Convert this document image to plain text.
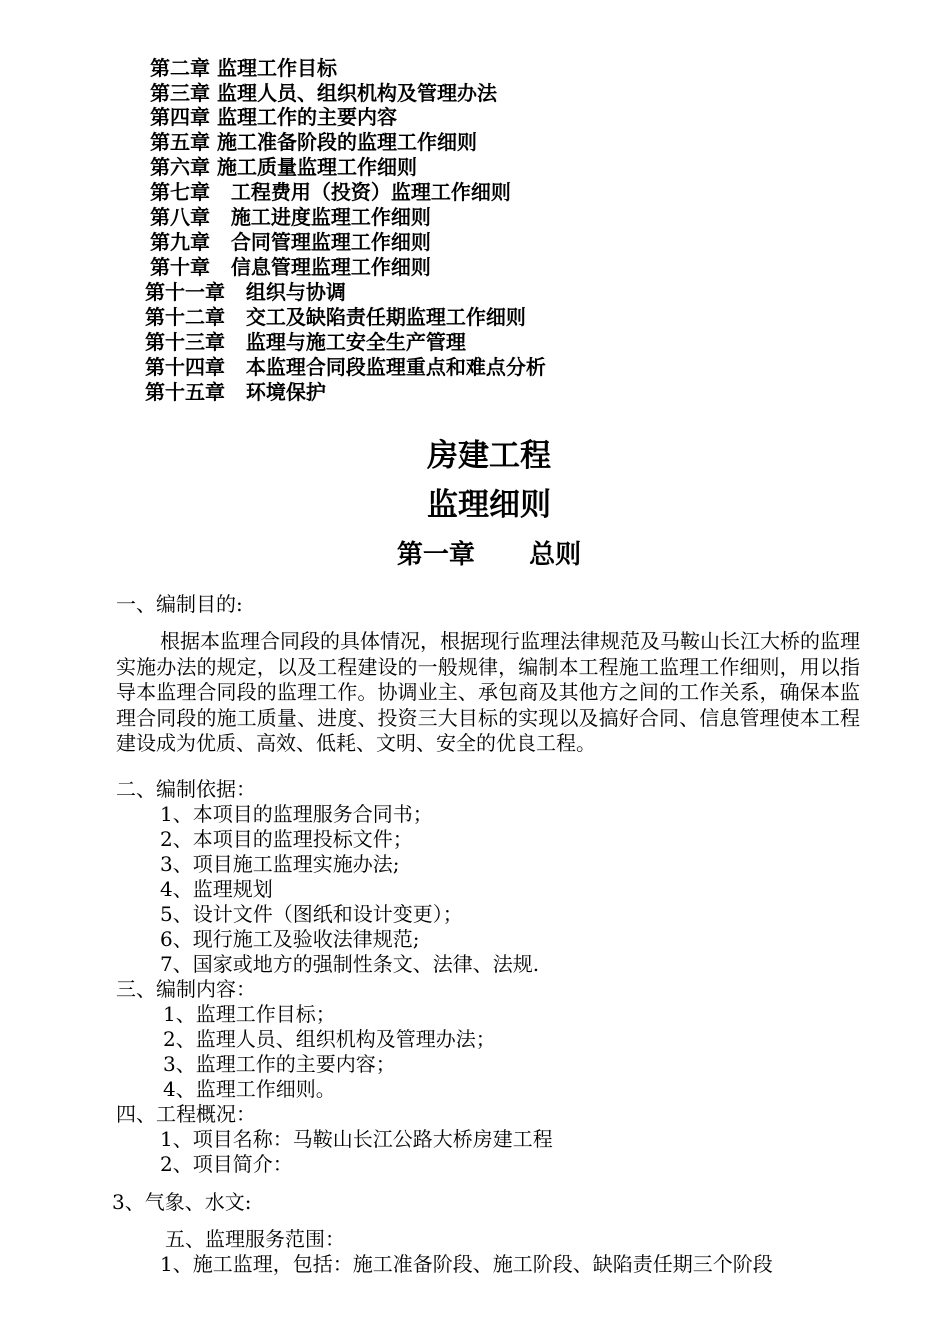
第二章 监理工作目标
第三章 监理人员、组织机构及管理办法
第四章 监理工作的主要内容
第五章 施工准备阶段的监理工作细则
第六章 施工质量监理工作细则
第七章   工程费用（投资）监理工作细则
第八章   施工进度监理工作细则
第九章   合同管理监理工作细则
第十章   信息管理监理工作细则
第十一章   组织与协调
第十二章   交工及缺陷责任期监理工作细则
第十三章   监理与施工安全生产管理
第十四章   本监理合同段监理重点和难点分析
第十五章   环境保护
房建工程
监理细则
第一章      总则
一、编制目的:
根据本监理合同段的具体情况，根据现行监理法律规范及马鞍山长江大桥的监理实施办法的规定，以及工程建设的一般规律，编制本工程施工监理工作细则，用以指导本监理合同段的监理工作。协调业主、承包商及其他方之间的工作关系，确保本监理合同段的施工质量、进度、投资三大目标的实现以及搞好合同、信息管理使本工程建设成为优质、高效、低耗、文明、安全的优良工程。
二、编制依据：
1、本项目的监理服务合同书；
2、本项目的监理投标文件；
3、项目施工监理实施办法;
4、监理规划
5、设计文件（图纸和设计变更）；
6、现行施工及验收法律规范;
7、国家或地方的强制性条文、法律、法规.
三、编制内容：
1、监理工作目标；
2、监理人员、组织机构及管理办法；
3、监理工作的主要内容；
4、监理工作细则。
四、工程概况：
1、项目名称：马鞍山长江公路大桥房建工程
2、项目简介：
3、气象、水文:
五、监理服务范围：
1、施工监理，包括：施工准备阶段、施工阶段、缺陷责任期三个阶段
